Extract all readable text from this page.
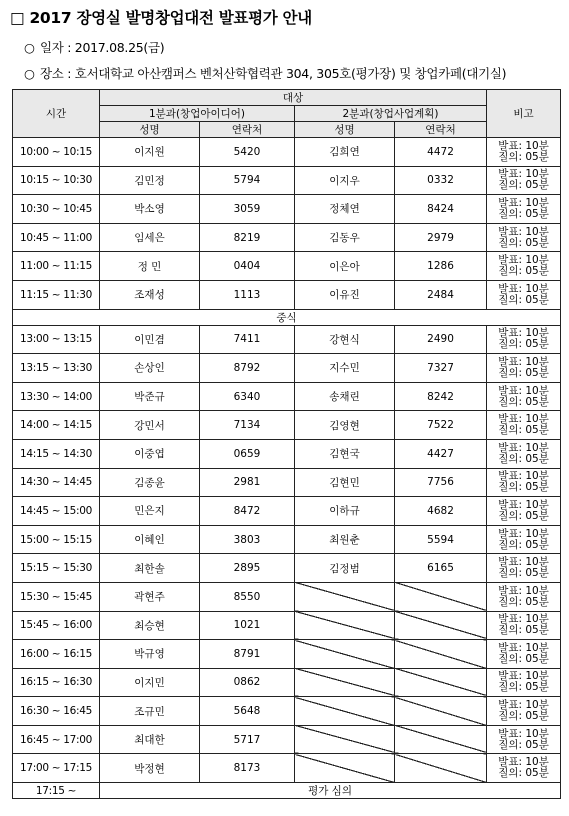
□ 2017 장영실 발명창업대전 발표평가 안내
○ 일자 : 2017.08.25(금)
○ 장소 : 호서대학교 아산캠퍼스 벤처산학협력관 304, 305호(평가장) 및 창업카페(대기실)
시간	대상				비고
	1분과(창업아이디어)		2분과(창업사업계획)		
	성명	연락처	성명	연락처	
10:00 ~ 10:15	이지원	5420	김희연	4472	발표: 10분
질의: 05분

10:15 ~ 10:30	김민정	5794	이지우	0332	발표: 10분
질의: 05분

10:30 ~ 10:45	박소영	3059	정체연	8424	발표: 10분
질의: 05분

10:45 ~ 11:00	임세은	8219	김동우	2979	발표: 10분
질의: 05분

11:00 ~ 11:15	정 민	0404	이은아	1286	발표: 10분
질의: 05분

11:15 ~ 11:30	조재성	1113	이유진	2484	발표: 10분
질의: 05분

중식					
13:00 ~ 13:15	이민겸	7411	강현식	2490	발표: 10분
질의: 05분

13:15 ~ 13:30	손상인	8792	지수민	7327	발표: 10분
질의: 05분

13:30 ~ 14:00	박준규	6340	송채린	8242	발표: 10분
질의: 05분

14:00 ~ 14:15	강민서	7134	김영현	7522	발표: 10분
질의: 05분

14:15 ~ 14:30	이중엽	0659	김현국	4427	발표: 10분
질의: 05분

14:30 ~ 14:45	김종윤	2981	김현민	7756	발표: 10분
질의: 05분

14:45 ~ 15:00	민은지	8472	이하규	4682	발표: 10분
질의: 05분

15:00 ~ 15:15	이혜인	3803	최원춘	5594	발표: 10분
질의: 05분

15:15 ~ 15:30	최한솔	2895	김정범	6165	발표: 10분
질의: 05분

15:30 ~ 15:45	곽현주	8550			발표: 10분
질의: 05분

15:45 ~ 16:00	최승현	1021			발표: 10분
질의: 05분

16:00 ~ 16:15	박규영	8791			발표: 10분
질의: 05분

16:15 ~ 16:30	이지민	0862			발표: 10분
질의: 05분

16:30 ~ 16:45	조규민	5648			발표: 10분
질의: 05분

16:45 ~ 17:00	최대한	5717			발표: 10분
질의: 05분

17:00 ~ 17:15	박정현	8173			발표: 10분
질의: 05분

17:15 ~	평가 심의				
